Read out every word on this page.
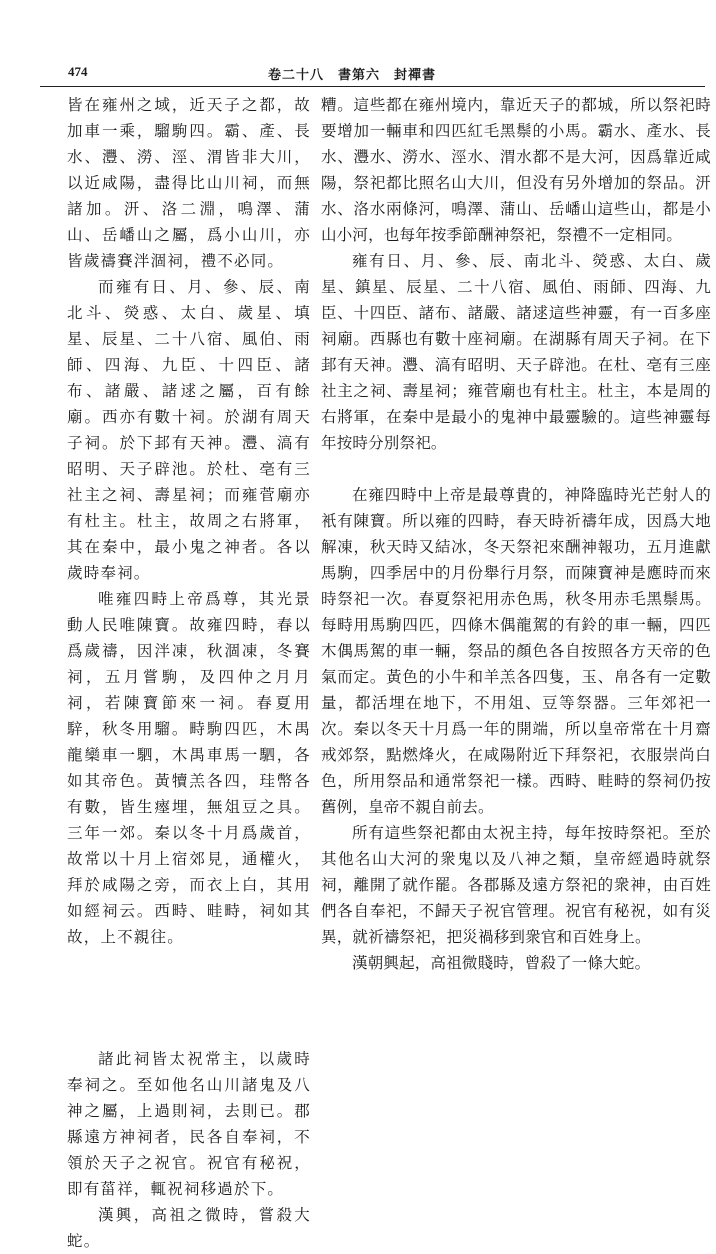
474	卷二十八　書第六　封禪書

皆在雍州之域，近天子之都，故加車一乘，騮駒四。霸、產、長水、灃、澇、涇、渭皆非大川，以近咸陽，盡得比山川祠，而無諸加。汧、洛二淵，鳴澤、蒲山、岳嶓山之屬，爲小山川，亦皆歲禱賽泮涸祠，禮不必同。

而雍有日、月、參、辰、南北斗、熒惑、太白、歲星、填星、辰星、二十八宿、風伯、雨師、四海、九臣、十四臣、諸布、諸嚴、諸逑之屬，百有餘廟。西亦有數十祠。於湖有周天子祠。於下邽有天神。灃、滈有昭明、天子辟池。於杜、亳有三社主之祠、壽星祠；而雍菅廟亦有杜主。杜主，故周之右將軍，其在秦中，最小鬼之神者。各以歲時奉祠。

唯雍四畤上帝爲尊，其光景動人民唯陳寶。故雍四畤，春以爲歲禱，因泮凍，秋涸凍，冬賽祠，五月嘗駒，及四仲之月月祠，若陳寶節來一祠。春夏用騂，秋冬用騮。畤駒四匹，木禺龍欒車一駟，木禺車馬一駟，各如其帝色。黃犢羔各四，珪幣各有數，皆生瘞埋，無俎豆之具。三年一郊。秦以冬十月爲歲首，故常以十月上宿郊見，通權火，拜於咸陽之旁，而衣上白，其用如經祠云。西畤、畦畤，祠如其故，上不親往。

諸此祠皆太祝常主，以歲時奉祠之。至如他名山川諸鬼及八神之屬，上過則祠，去則已。郡縣遠方神祠者，民各自奉祠，不領於天子之祝官。祝官有秘祝，即有菑祥，輒祝祠移過於下。

漢興，高祖之微時，嘗殺大蛇。

糟。這些都在雍州境内，靠近天子的都城，所以祭祀時要增加一輛車和四匹紅毛黑鬃的小馬。霸水、產水、長水、灃水、澇水、涇水、渭水都不是大河，因爲靠近咸陽，祭祀都比照名山大川，但没有另外增加的祭品。汧水、洛水兩條河，鳴澤、蒲山、岳嶓山這些山，都是小山小河，也每年按季節酬神祭祀，祭禮不一定相同。

雍有日、月、參、辰、南北斗、熒惑、太白、歲星、鎮星、辰星、二十八宿、風伯、雨師、四海、九臣、十四臣、諸布、諸嚴、諸逑這些神靈，有一百多座祠廟。西縣也有數十座祠廟。在湖縣有周天子祠。在下邽有天神。灃、滈有昭明、天子辟池。在杜、亳有三座社主之祠、壽星祠；雍菅廟也有杜主。杜主，本是周的右將軍，在秦中是最小的鬼神中最靈驗的。這些神靈每年按時分別祭祀。

在雍四畤中上帝是最尊貴的，神降臨時光芒射人的衹有陳寶。所以雍的四畤，春天時祈禱年成，因爲大地解凍，秋天時又結冰，冬天祭祀來酬神報功，五月進獻馬駒，四季居中的月份舉行月祭，而陳寶神是應時而來時祭祀一次。春夏祭祀用赤色馬，秋冬用赤毛黑鬃馬。每畤用馬駒四匹，四條木偶龍駕的有鈴的車一輛，四匹木偶馬駕的車一輛，祭品的顏色各自按照各方天帝的色氣而定。黃色的小牛和羊羔各四隻，玉、帛各有一定數量，都活埋在地下，不用俎、豆等祭器。三年郊祀一次。秦以冬天十月爲一年的開端，所以皇帝常在十月齋戒郊祭，點燃烽火，在咸陽附近下拜祭祀，衣服崇尚白色，所用祭品和通常祭祀一樣。西畤、畦畤的祭祠仍按舊例，皇帝不親自前去。

所有這些祭祀都由太祝主持，每年按時祭祀。至於其他名山大河的衆鬼以及八神之類，皇帝經過時就祭祠，離開了就作罷。各郡縣及遠方祭祀的衆神，由百姓們各自奉祀，不歸天子祝官管理。祝官有秘祝，如有災異，就祈禱祭祀，把災禍移到衆官和百姓身上。

漢朝興起，高祖微賤時，曾殺了一條大蛇。
